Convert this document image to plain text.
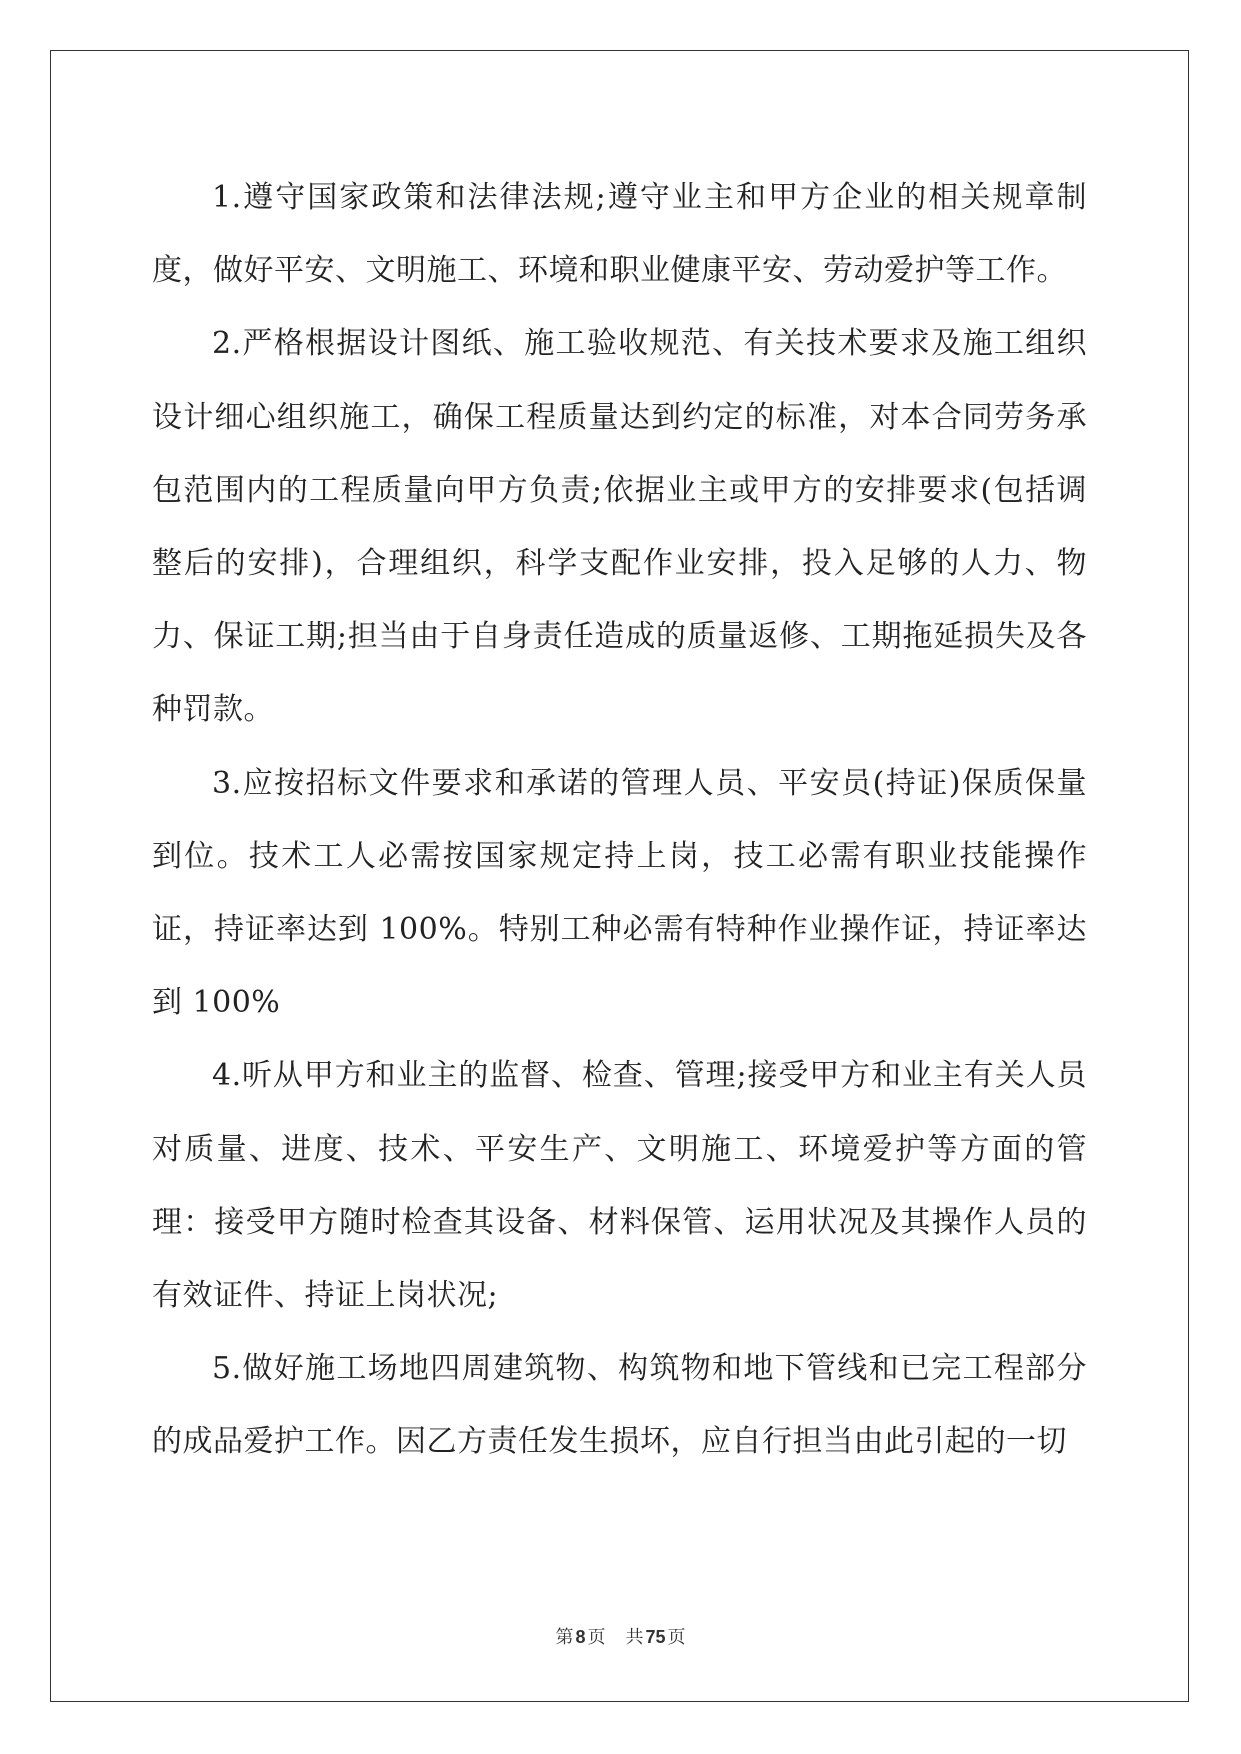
1.遵守国家政策和法律法规;遵守业主和甲方企业的相关规章制度，做好平安、文明施工、环境和职业健康平安、劳动爱护等工作。

2.严格根据设计图纸、施工验收规范、有关技术要求及施工组织设计细心组织施工，确保工程质量达到约定的标准，对本合同劳务承包范围内的工程质量向甲方负责;依据业主或甲方的安排要求(包括调整后的安排)，合理组织，科学支配作业安排，投入足够的人力、物力、保证工期;担当由于自身责任造成的质量返修、工期拖延损失及各种罚款。

3.应按招标文件要求和承诺的管理人员、平安员(持证)保质保量到位。技术工人必需按国家规定持上岗，技工必需有职业技能操作证，持证率达到 100%。特别工种必需有特种作业操作证，持证率达到 100%

4.听从甲方和业主的监督、检查、管理;接受甲方和业主有关人员对质量、进度、技术、平安生产、文明施工、环境爱护等方面的管理：接受甲方随时检查其设备、材料保管、运用状况及其操作人员的有效证件、持证上岗状况;

5.做好施工场地四周建筑物、构筑物和地下管线和已完工程部分的成品爱护工作。因乙方责任发生损坏，应自行担当由此引起的一切

第 8 页 共 75 页
